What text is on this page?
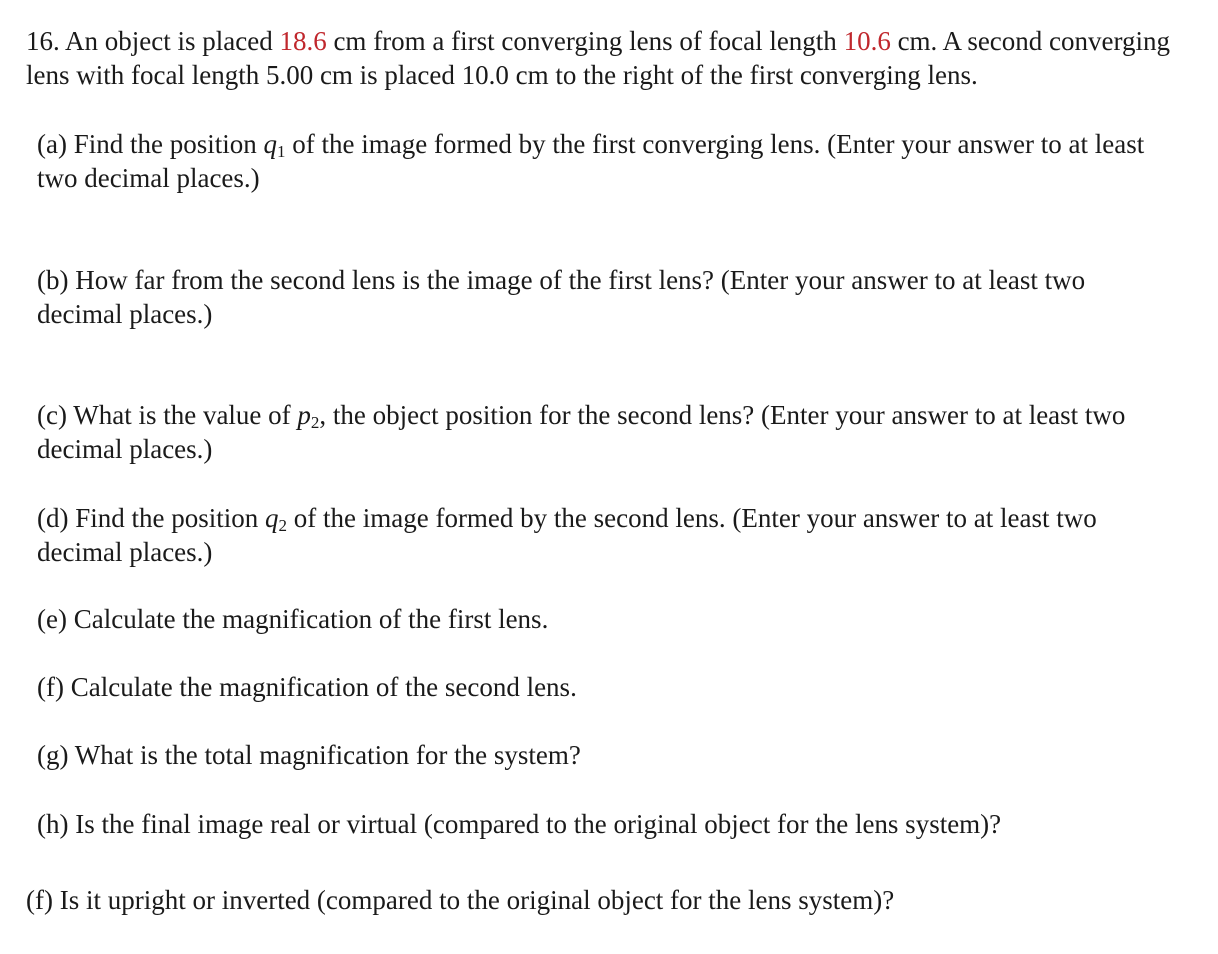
16. An object is placed 18.6 cm from a first converging lens of focal length 10.6 cm. A second converging lens with focal length 5.00 cm is placed 10.0 cm to the right of the first converging lens.

(a) Find the position $q_1$ of the image formed by the first converging lens. (Enter your answer to at least two decimal places.)

(b) How far from the second lens is the image of the first lens? (Enter your answer to at least two decimal places.)

(c) What is the value of $p_2$, the object position for the second lens? (Enter your answer to at least two decimal places.)

(d) Find the position $q_2$ of the image formed by the second lens. (Enter your answer to at least two decimal places.)

(e) Calculate the magnification of the first lens.

(f) Calculate the magnification of the second lens.

(g) What is the total magnification for the system?

(h) Is the final image real or virtual (compared to the original object for the lens system)?

(f) Is it upright or inverted (compared to the original object for the lens system)?
